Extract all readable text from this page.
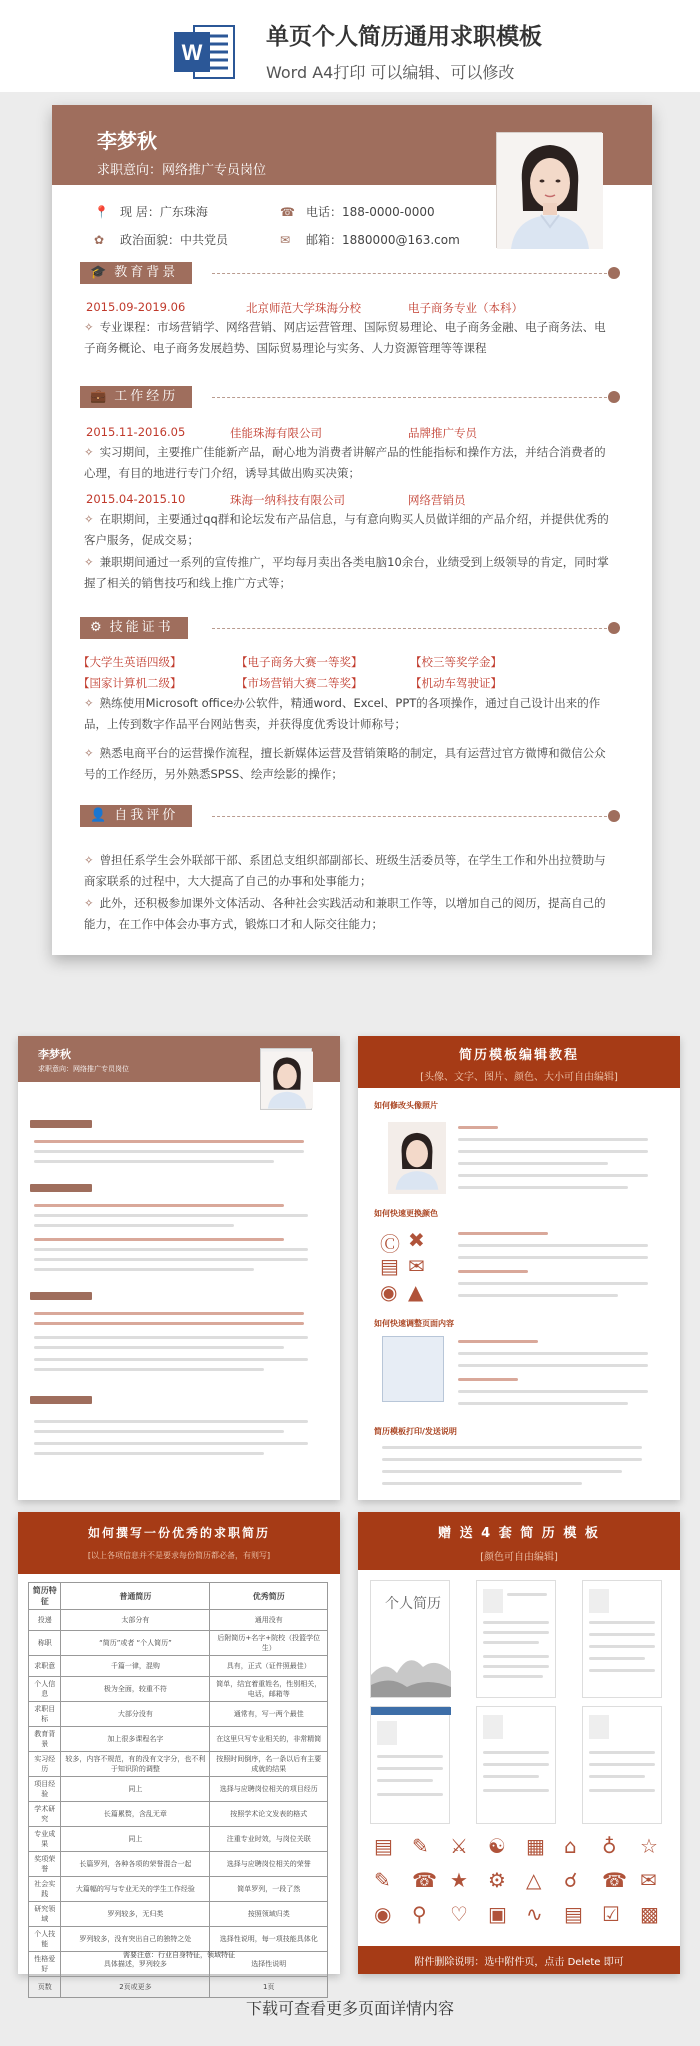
W
单页个人简历通用求职模板
Word A4打印 可以编辑、可以修改
李梦秋
求职意向：网络推广专员岗位
●
📍 现 居：广东珠海	☎ 电话：188-0000-0000
✿ 政治面貌：中共党员	✉ 邮箱：1880000@163.com
🎓 教育背景
2015.09-2019.06	北京师范大学珠海分校	电子商务专业（本科）
✧ 专业课程：市场营销学、网络营销、网店运营管理、国际贸易理论、电子商务金融、电子商务法、电子商务概论、电子商务发展趋势、国际贸易理论与实务、人力资源管理等等课程
💼 工作经历
2015.11-2016.05	佳能珠海有限公司	品牌推广专员
✧ 实习期间，主要推广佳能新产品，耐心地为消费者讲解产品的性能指标和操作方法，并结合消费者的心理，有目的地进行专门介绍，诱导其做出购买决策；
2015.04-2015.10	珠海一纳科技有限公司	网络营销员
✧ 在职期间，主要通过qq群和论坛发布产品信息，与有意向购买人员做详细的产品介绍，并提供优秀的客户服务，促成交易；
✧ 兼职期间通过一系列的宣传推广，平均每月卖出各类电脑10余台，业绩受到上级领导的肯定，同时掌握了相关的销售技巧和线上推广方式等；
⚙ 技能证书
【大学生英语四级】	【电子商务大赛一等奖】	【校三等奖学金】
【国家计算机二级】	【市场营销大赛二等奖】	【机动车驾驶证】
✧ 熟练使用Microsoft office办公软件，精通word、Excel、PPT的各项操作，通过自己设计出来的作品，上传到数字作品平台网站售卖，并获得度优秀设计师称号；
✧ 熟悉电商平台的运营操作流程，擅长新媒体运营及营销策略的制定，具有运营过官方微博和微信公众号的工作经历，另外熟悉SPSS、绘声绘影的操作；
👤 自我评价
✧ 曾担任系学生会外联部干部、系团总支组织部副部长、班级生活委员等，在学生工作和外出拉赞助与商家联系的过程中，大大提高了自己的办事和处事能力；
✧ 此外，还积极参加课外文体活动、各种社会实践活动和兼职工作等，以增加自己的阅历，提高自己的能力，在工作中体会办事方式，锻炼口才和人际交往能力；
李梦秋
求职意向：网络推广专员岗位
简历模板编辑教程
[头像、文字、图片、颜色、大小可自由编辑]
如何修改头像照片
如何快速更换颜色
Ⓒ ✖
▤ ✉
◉ ▲
如何快速调整页面内容
简历模板打印/发送说明
如何撰写一份优秀的求职简历
[以上各项信息并不是要求每份简历都必备，有则写]
简历特征	普通简历	优秀简历
投递	太部分有	通用没有
称职	“简历”或者 “个人简历”	后附简历+名字+院校（投篮学位生）
求职意	千篇一律，混购	具有，正式（证件照最佳）
个人信息	极为全面，较重不符	简单，结宜着重姓名，性别相关，电话，邮箱等
求职目标	大部分没有	通常有，写一两个最佳
教育背景	加上很多课程名字	在这里只写专业相关的，非常精简
实习经历	较多，内容不规范，有的没有文字分，也不利于知识阶的调整	按照时间倒序，名一条以后有主要成就的结果
项目经验	同上	选择与应聘岗位相关的项目经历
学术研究	长篇累赘，含乱无章	按照学术论文发表的格式
专业成果	同上	注重专业时效，与岗位关联
奖项荣誉	长篇罗列，各种各项的荣誉混合一起	选择与应聘岗位相关的荣誉
社会实践	大篇幅的写与专业无关的学生工作经验	简单罗列，一段了然
研究领域	罗列较多，无归类	按照领域归类
个人技能	罗列较多，没有突出自己的独特之处	选择性说明，每一项技能具体化
性格爱好	具体描述，罗列较多	选择性说明
页数	2页或更多	1页
需要注意：行业自身特征，领域特征
赠 送 4 套 简 历 模 板
[颜色可自由编辑]
个人简历
▤ ✎ ⚔ ☯ ▦ ⌂ ♁ ☆
✎ ☎ ★ ⚙ △ ☌ ☎ ✉
◉ ⚲ ♡ ▣ ∿ ▤ ☑ ▩
附件删除说明：选中附件页，点击 Delete 即可
下载可查看更多页面详情内容
